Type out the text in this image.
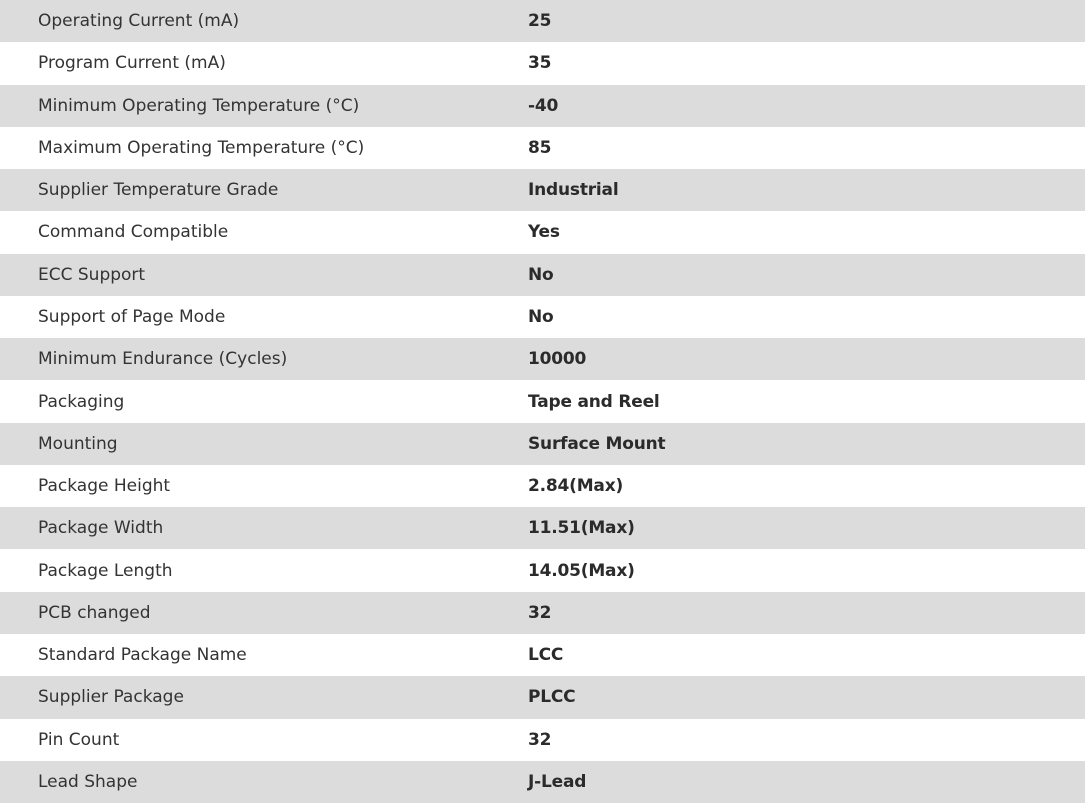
Operating Current (mA)	25
Program Current (mA)	35
Minimum Operating Temperature (°C)	-40
Maximum Operating Temperature (°C)	85
Supplier Temperature Grade	Industrial
Command Compatible	Yes
ECC Support	No
Support of Page Mode	No
Minimum Endurance (Cycles)	10000
Packaging	Tape and Reel
Mounting	Surface Mount
Package Height	2.84(Max)
Package Width	11.51(Max)
Package Length	14.05(Max)
PCB changed	32
Standard Package Name	LCC
Supplier Package	PLCC
Pin Count	32
Lead Shape	J-Lead
